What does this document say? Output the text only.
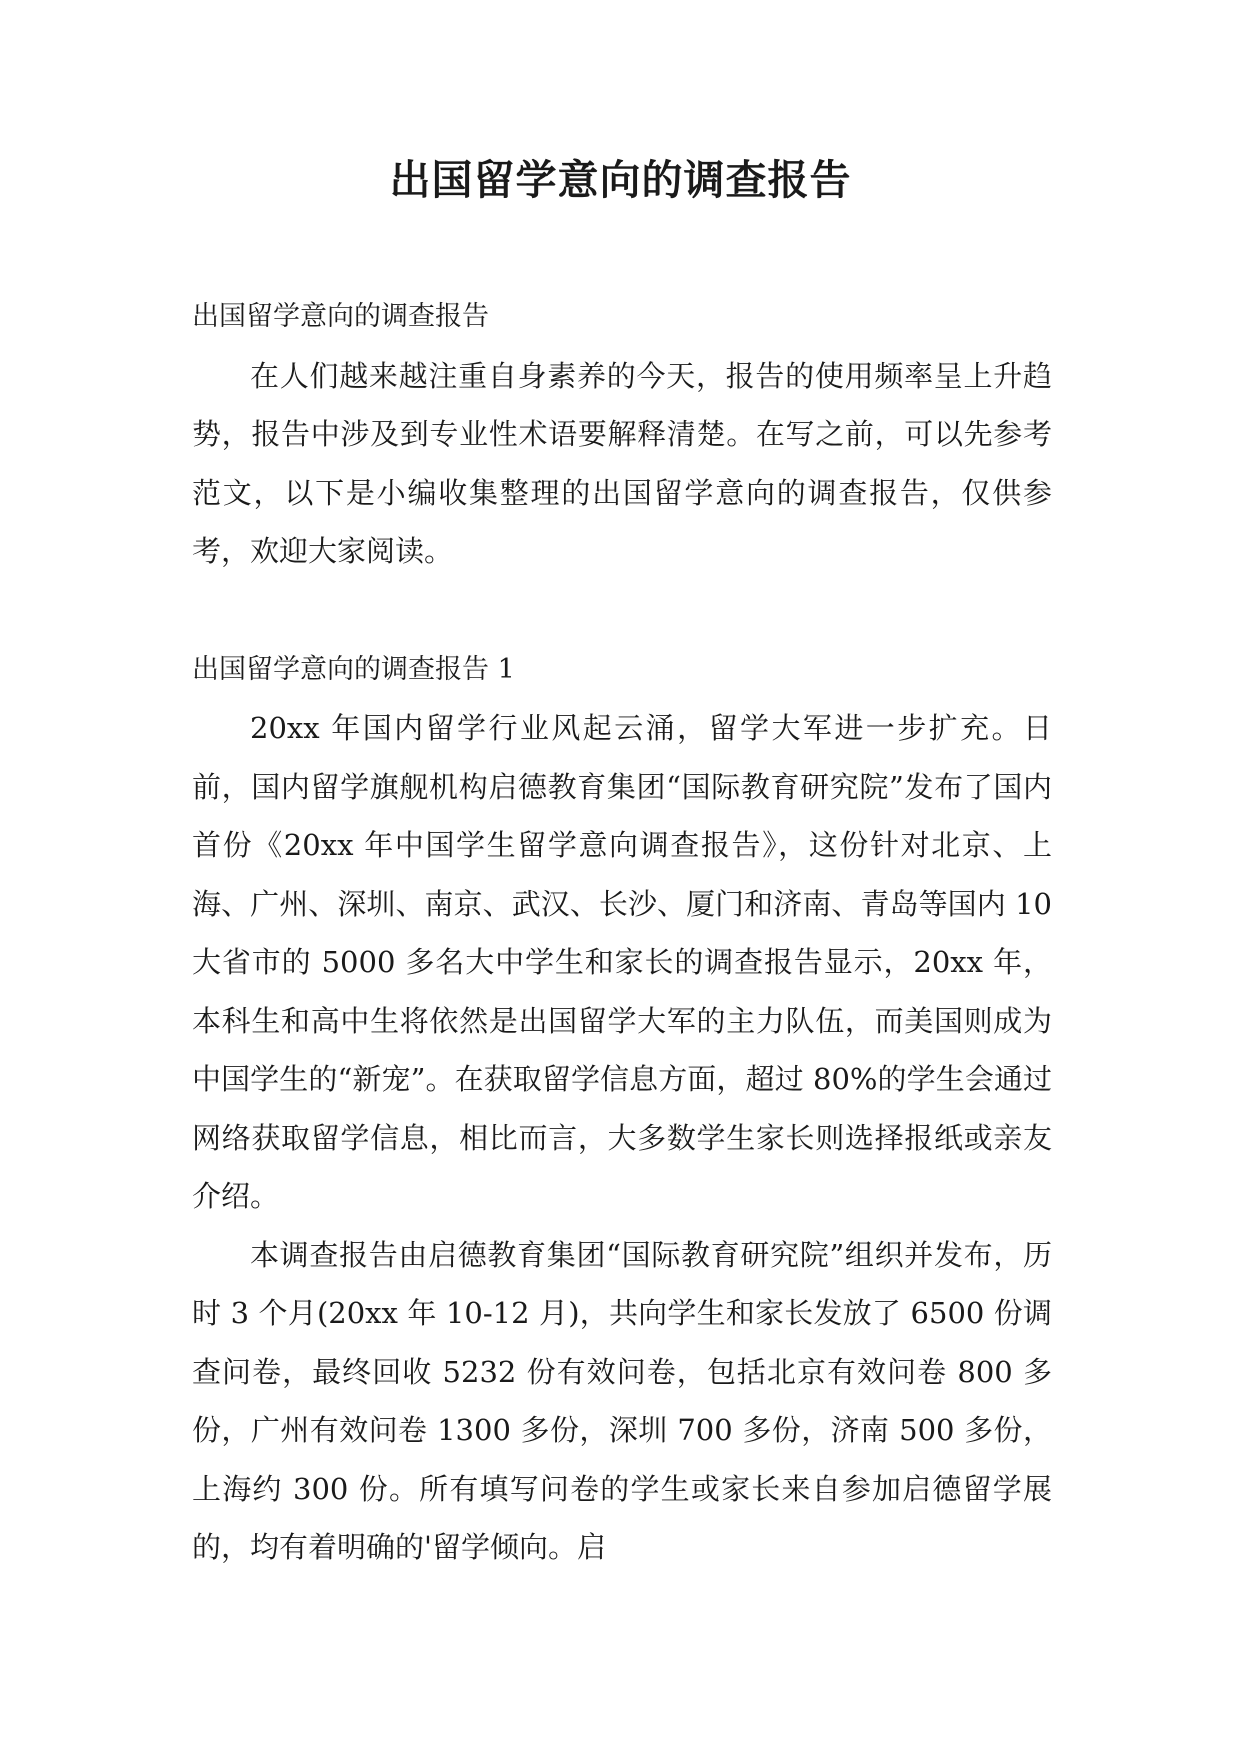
出国留学意向的调查报告

出国留学意向的调查报告

在人们越来越注重自身素养的今天，报告的使用频率呈上升趋势，报告中涉及到专业性术语要解释清楚。在写之前，可以先参考范文，以下是小编收集整理的出国留学意向的调查报告，仅供参考，欢迎大家阅读。

出国留学意向的调查报告 1

20xx 年国内留学行业风起云涌，留学大军进一步扩充。日前，国内留学旗舰机构启德教育集团“国际教育研究院”发布了国内首份《20xx 年中国学生留学意向调查报告》，这份针对北京、上海、广州、深圳、南京、武汉、长沙、厦门和济南、青岛等国内 10 大省市的 5000 多名大中学生和家长的调查报告显示，20xx 年，本科生和高中生将依然是出国留学大军的主力队伍，而美国则成为中国学生的“新宠”。在获取留学信息方面，超过 80%的学生会通过网络获取留学信息，相比而言，大多数学生家长则选择报纸或亲友介绍。

本调查报告由启德教育集团“国际教育研究院”组织并发布，历时 3 个月(20xx 年 10-12 月)，共向学生和家长发放了 6500 份调查问卷，最终回收 5232 份有效问卷，包括北京有效问卷 800 多份，广州有效问卷 1300 多份，深圳 700 多份，济南 500 多份，上海约 300 份。所有填写问卷的学生或家长来自参加启德留学展的，均有着明确的'留学倾向。启
